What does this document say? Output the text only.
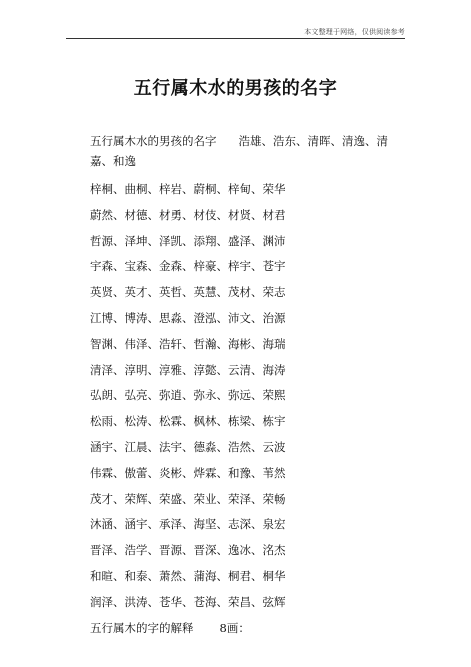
本文整理于网络，仅供阅读参考
五行属木水的男孩的名字

五行属木水的男孩的名字 浩雄、浩东、清晖、清逸、清
嘉、和逸

梓桐、曲桐、梓岩、蔚桐、梓甸、荣华
蔚然、材德、材勇、材伎、材贤、材君
哲源、泽坤、泽凯、添翔、盛泽、渊沛
宇森、宝森、金森、梓豪、梓宇、苍宇
英贤、英才、英哲、英慧、茂材、荣志
江博、博涛、思淼、澄泓、沛文、治源
智渊、伟泽、浩轩、哲瀚、海彬、海瑞
清泽、淳明、淳雅、淳懿、云清、海涛
弘朗、弘亮、弥逍、弥永、弥远、荣熙
松雨、松涛、松霖、枫林、栋梁、栋宇
涵宇、江晨、法宇、德淼、浩然、云波
伟霖、傲蕾、炎彬、烨霖、和豫、苇然
茂才、荣辉、荣盛、荣业、荣泽、荣畅
沐涵、涵宇、承泽、海坚、志深、泉宏
晋泽、浩学、晋源、晋深、逸冰、洺杰
和暄、和泰、萧然、蒲海、桐君、桐华
润泽、洪涛、苍华、苍海、荣昌、弦辉
五行属木的字的解释 8画：
